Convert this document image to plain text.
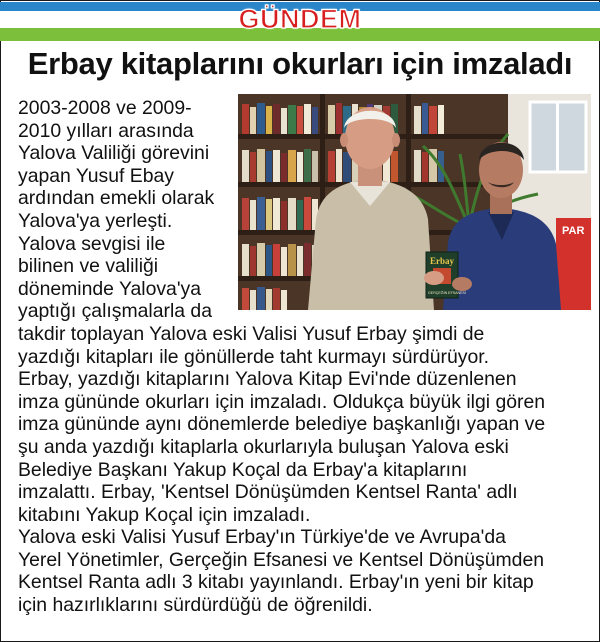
GÜNDEM
Erbay kitaplarını okurları için imzaladı
PAR
Erbay
GERÇEĞİN EFSANESİ
2003-2008 ve 2009-
2010 yılları arasında
Yalova Valiliği görevini
yapan Yusuf Ebay
ardından emekli olarak
Yalova'ya yerleşti.
Yalova sevgisi ile
bilinen ve valiliği
döneminde Yalova'ya
yaptığı çalışmalarla da
takdir toplayan Yalova eski Valisi Yusuf Erbay şimdi de
yazdığı kitapları ile gönüllerde taht kurmayı sürdürüyor.
Erbay, yazdığı kitaplarını Yalova Kitap Evi'nde düzenlenen
imza gününde okurları için imzaladı. Oldukça büyük ilgi gören
imza gününde aynı dönemlerde belediye başkanlığı yapan ve
şu anda yazdığı kitaplarla okurlarıyla buluşan Yalova eski
Belediye Başkanı Yakup Koçal da Erbay'a kitaplarını
imzalattı. Erbay, 'Kentsel Dönüşümden Kentsel Ranta' adlı
kitabını Yakup Koçal için imzaladı.
Yalova eski Valisi Yusuf Erbay'ın Türkiye'de ve Avrupa'da
Yerel Yönetimler, Gerçeğin Efsanesi ve Kentsel Dönüşümden
Kentsel Ranta adlı 3 kitabı yayınlandı. Erbay'ın yeni bir kitap
için hazırlıklarını sürdürdüğü de öğrenildi.
